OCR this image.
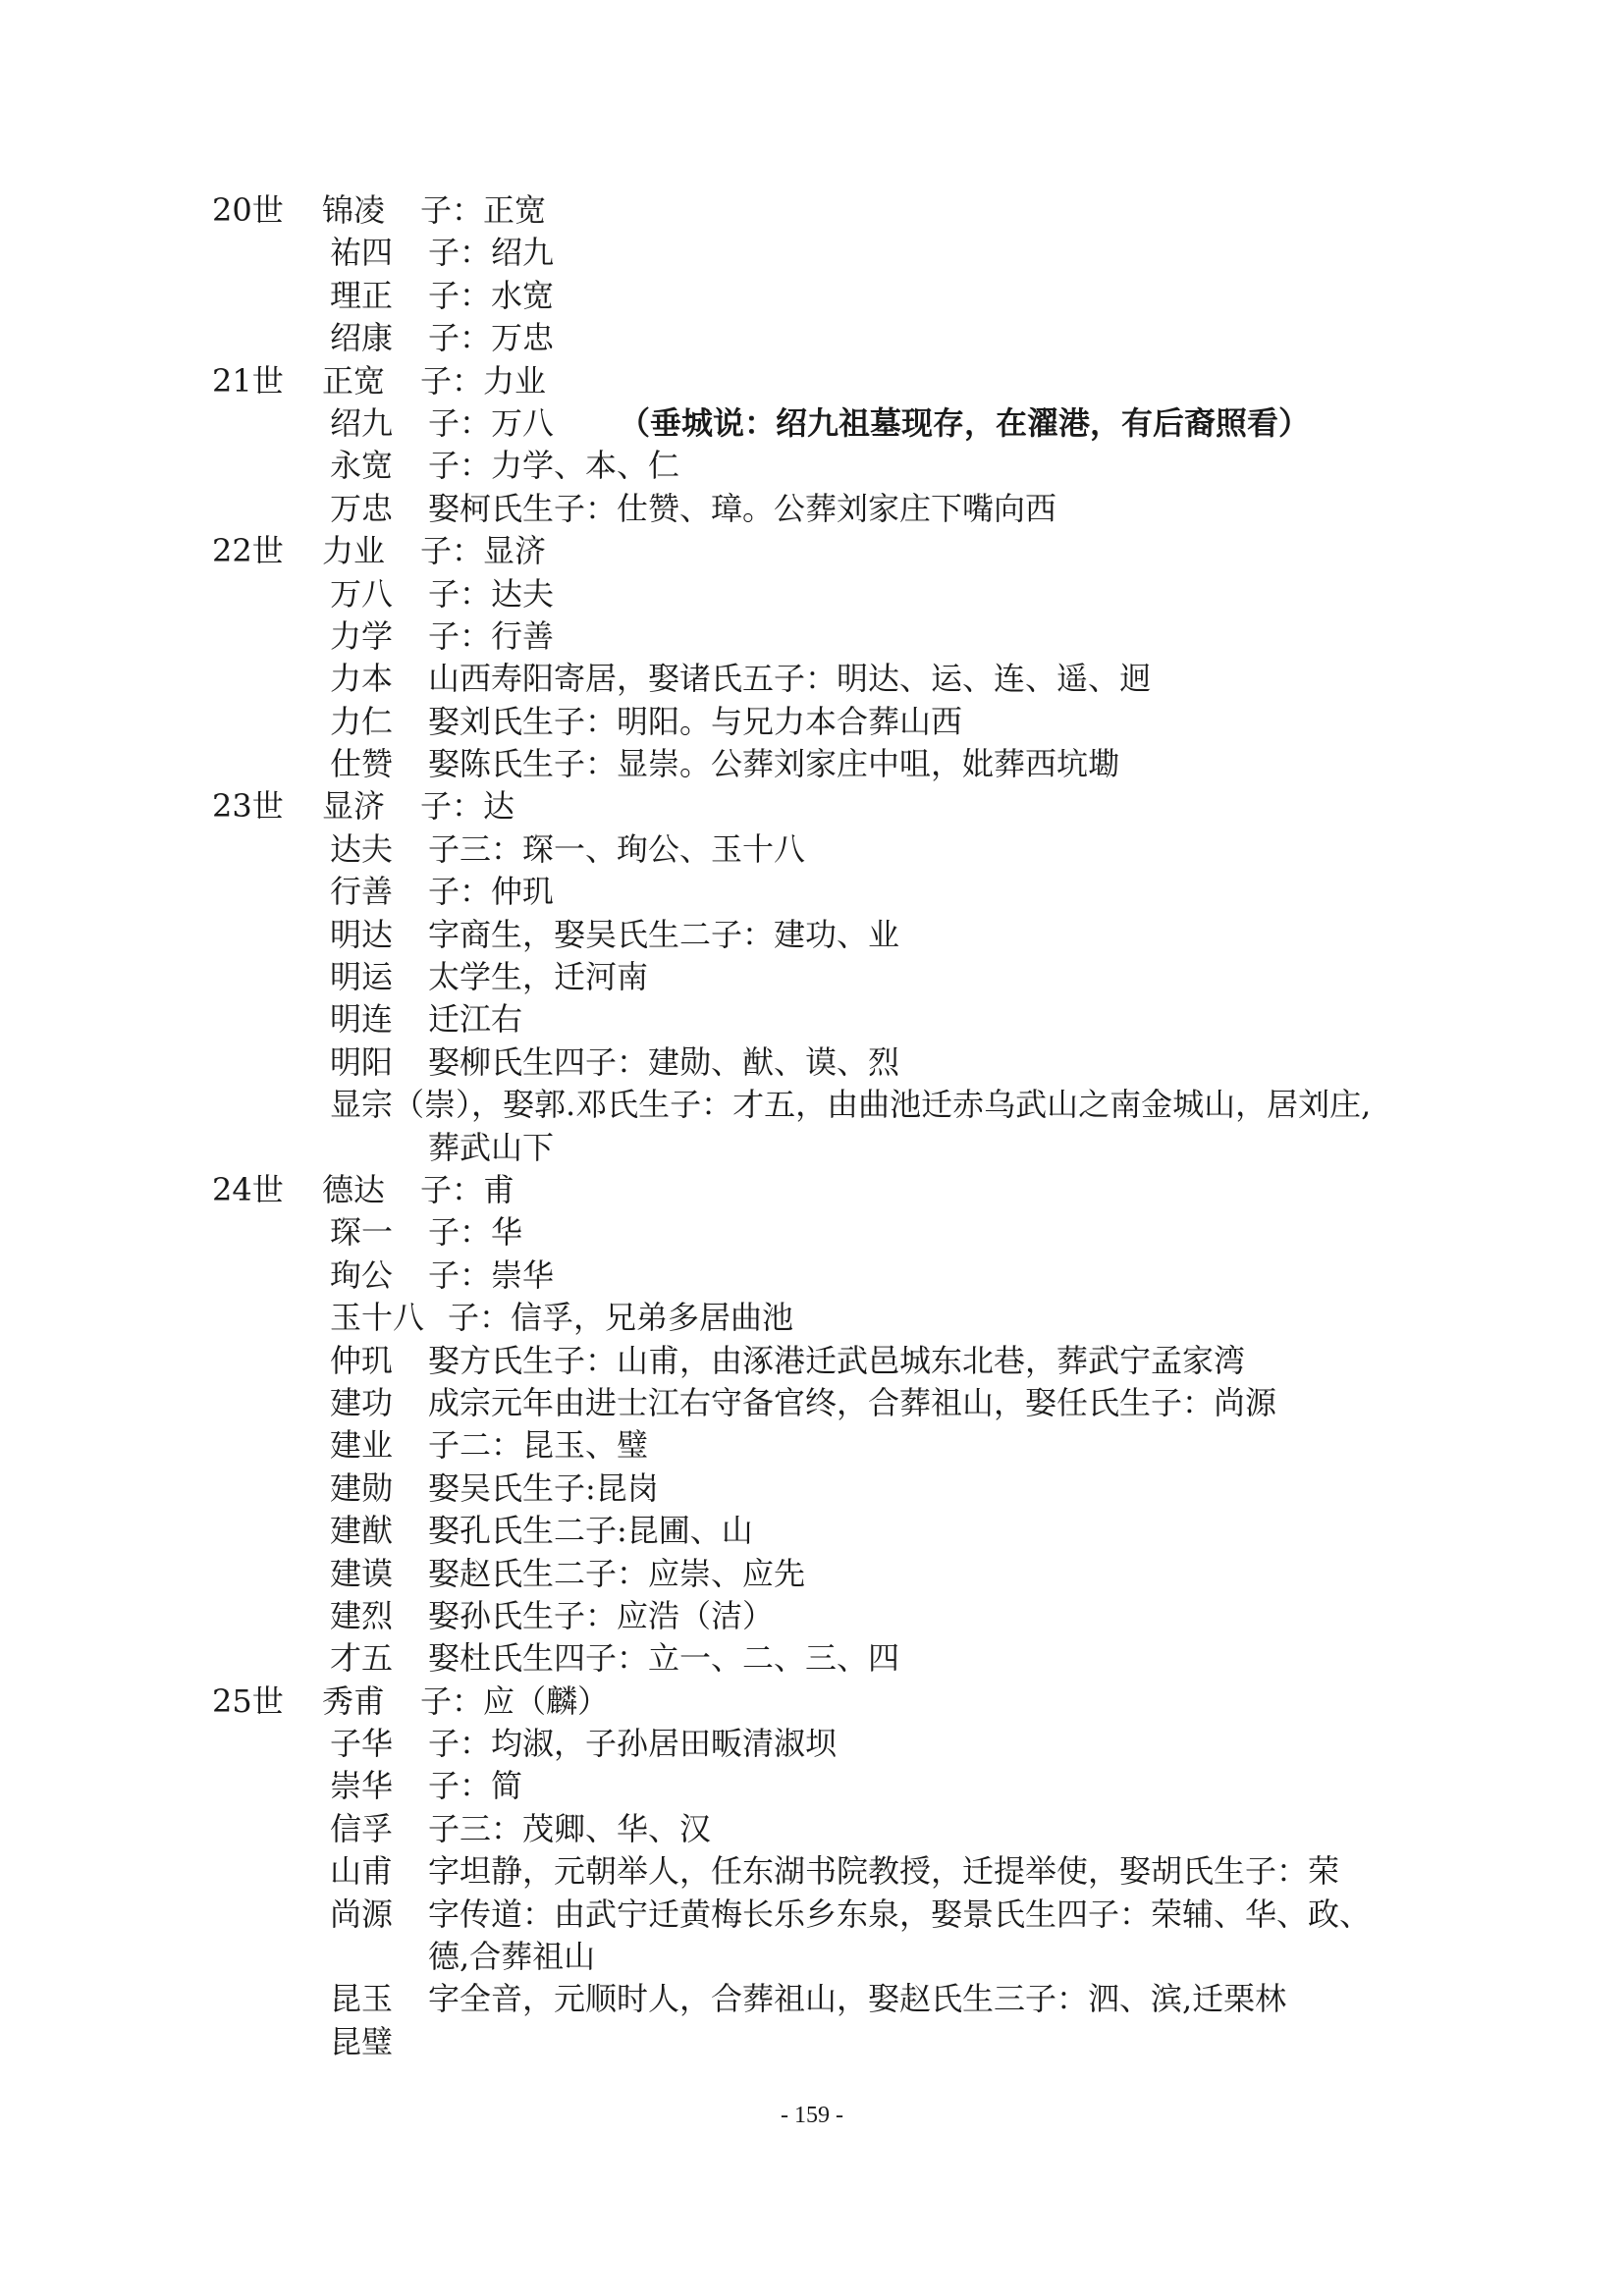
20世 锦凌 子：正宽
祐四 子：绍九
理正 子：水宽
绍康 子：万忠
21世 正宽 子：力业
绍九 子：万八 （垂城说：绍九祖墓现存，在濯港，有后裔照看）
永宽 子：力学、本、仁
万忠 娶柯氏生子：仕赞、璋。公葬刘家庄下嘴向西
22世 力业 子：显济
万八 子：达夫
力学 子：行善
力本 山西寿阳寄居，娶诸氏五子：明达、运、连、遥、迥
力仁 娶刘氏生子：明阳。与兄力本合葬山西
仕赞 娶陈氏生子：显崇。公葬刘家庄中咀，妣葬西坑墈
23世 显济 子：达
达夫 子三：琛一、珣公、玉十八
行善 子：仲玑
明达 字商生，娶吴氏生二子：建功、业
明运 太学生，迁河南
明连 迁江右
明阳 娶柳氏生四子：建勋、猷、谟、烈
显宗（崇），娶郭.邓氏生子：才五，由曲池迁赤乌武山之南金城山，居刘庄,
葬武山下
24世 德达 子：甫
琛一 子：华
珣公 子：崇华
玉十八 子：信孚，兄弟多居曲池
仲玑 娶方氏生子：山甫，由涿港迁武邑城东北巷，葬武宁孟家湾
建功 成宗元年由进士江右守备官终，合葬祖山，娶任氏生子：尚源
建业 子二：昆玉、璧
建勋 娶吴氏生子:昆岗
建猷 娶孔氏生二子:昆圃、山
建谟 娶赵氏生二子：应崇、应先
建烈 娶孙氏生子：应浩（洁）
才五 娶杜氏生四子：立一、二、三、四
25世 秀甫 子：应（麟）
子华 子：均淑，子孙居田畈清淑坝
崇华 子：简
信孚 子三：茂卿、华、汉
山甫 字坦静，元朝举人，任东湖书院教授，迁提举使，娶胡氏生子：荣
尚源 字传道：由武宁迁黄梅长乐乡东泉，娶景氏生四子：荣辅、华、政、
德,合葬祖山
昆玉 字全音，元顺时人，合葬祖山，娶赵氏生三子：泗、滨,迁栗林
昆璧
- 159 -
